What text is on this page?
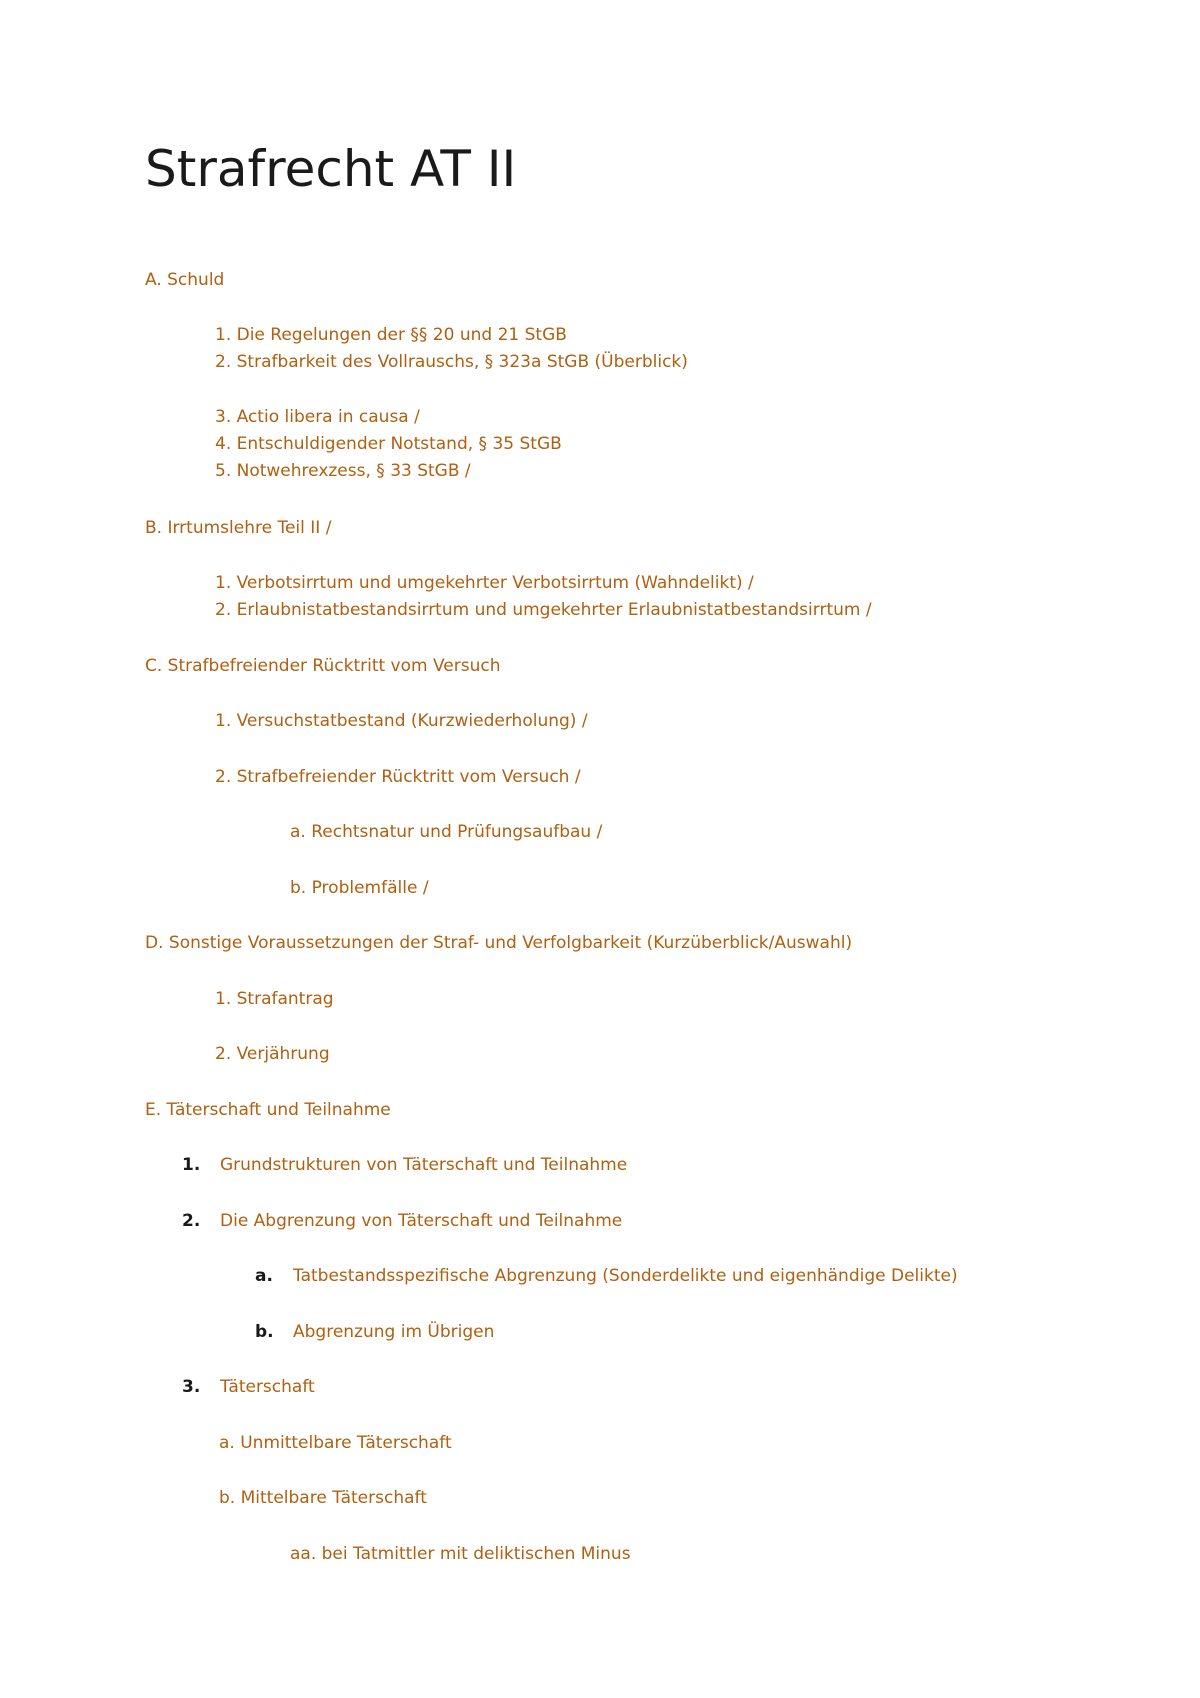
Strafrecht AT II

A. Schuld

1. Die Regelungen der §§ 20 und 21 StGB

2. Strafbarkeit des Vollrauschs, § 323a StGB (Überblick)

3. Actio libera in causa /

4. Entschuldigender Notstand, § 35 StGB

5. Notwehrexzess, § 33 StGB /

B. Irrtumslehre Teil II /

1. Verbotsirrtum und umgekehrter Verbotsirrtum (Wahndelikt) /

2. Erlaubnistatbestandsirrtum und umgekehrter Erlaubnistatbestandsirrtum /

C. Strafbefreiender Rücktritt vom Versuch

1. Versuchstatbestand (Kurzwiederholung) /

2. Strafbefreiender Rücktritt vom Versuch /

a. Rechtsnatur und Prüfungsaufbau /

b. Problemfälle /

D. Sonstige Voraussetzungen der Straf- und Verfolgbarkeit (Kurzüberblick/Auswahl)

1. Strafantrag

2. Verjährung

E. Täterschaft und Teilnahme

1. Grundstrukturen von Täterschaft und Teilnahme

2. Die Abgrenzung von Täterschaft und Teilnahme

a. Tatbestandsspezifische Abgrenzung (Sonderdelikte und eigenhändige Delikte)

b. Abgrenzung im Übrigen

3. Täterschaft

a. Unmittelbare Täterschaft

b. Mittelbare Täterschaft

aa. bei Tatmittler mit deliktischen Minus
